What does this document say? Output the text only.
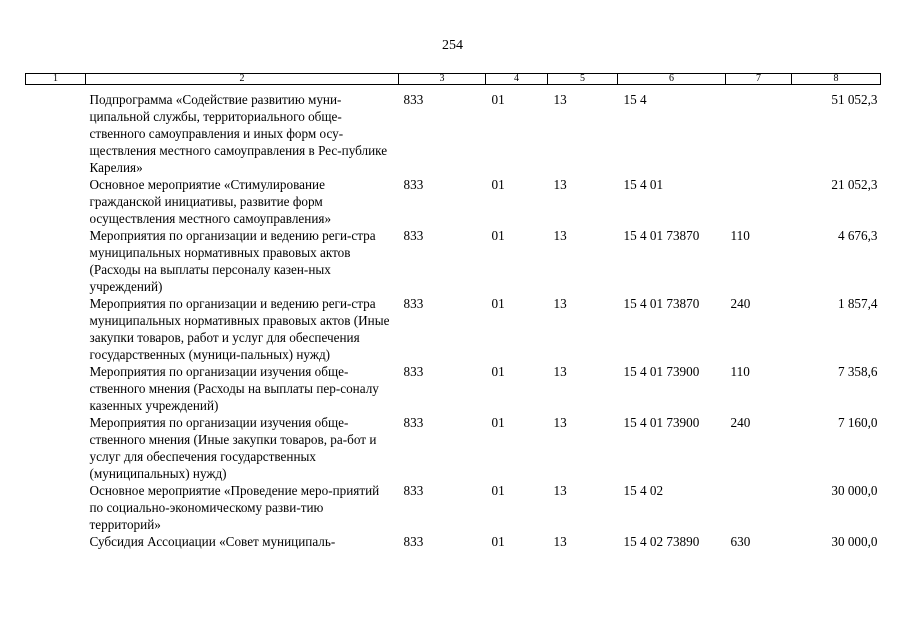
254
1	2	3	4	5	6	7	8
	Подпрограмма «Содействие развитию муни-ципальной службы, территориального обще-ственного самоуправления и иных форм осу-ществления местного самоуправления в Рес-публике Карелия»	833	01	13	15 4		51 052,3
	Основное мероприятие «Стимулирование гражданской инициативы, развитие форм осуществления местного самоуправления»	833	01	13	15 4 01		21 052,3
	Мероприятия по организации и ведению реги-стра муниципальных нормативных правовых актов (Расходы на выплаты персоналу казен-ных учреждений)	833	01	13	15 4 01 73870	110	4 676,3
	Мероприятия по организации и ведению реги-стра муниципальных нормативных правовых актов (Иные закупки товаров, работ и услуг для обеспечения государственных (муници-пальных) нужд)	833	01	13	15 4 01 73870	240	1 857,4
	Мероприятия по организации изучения обще-ственного мнения (Расходы на выплаты пер-соналу казенных учреждений)	833	01	13	15 4 01 73900	110	7 358,6
	Мероприятия по организации изучения обще-ственного мнения (Иные закупки товаров, ра-бот и услуг для обеспечения государственных (муниципальных) нужд)	833	01	13	15 4 01 73900	240	7 160,0
	Основное мероприятие «Проведение меро-приятий по социально-экономическому разви-тию территорий»	833	01	13	15 4 02		30 000,0
	Субсидия Ассоциации «Совет муниципаль-	833	01	13	15 4 02 73890	630	30 000,0
